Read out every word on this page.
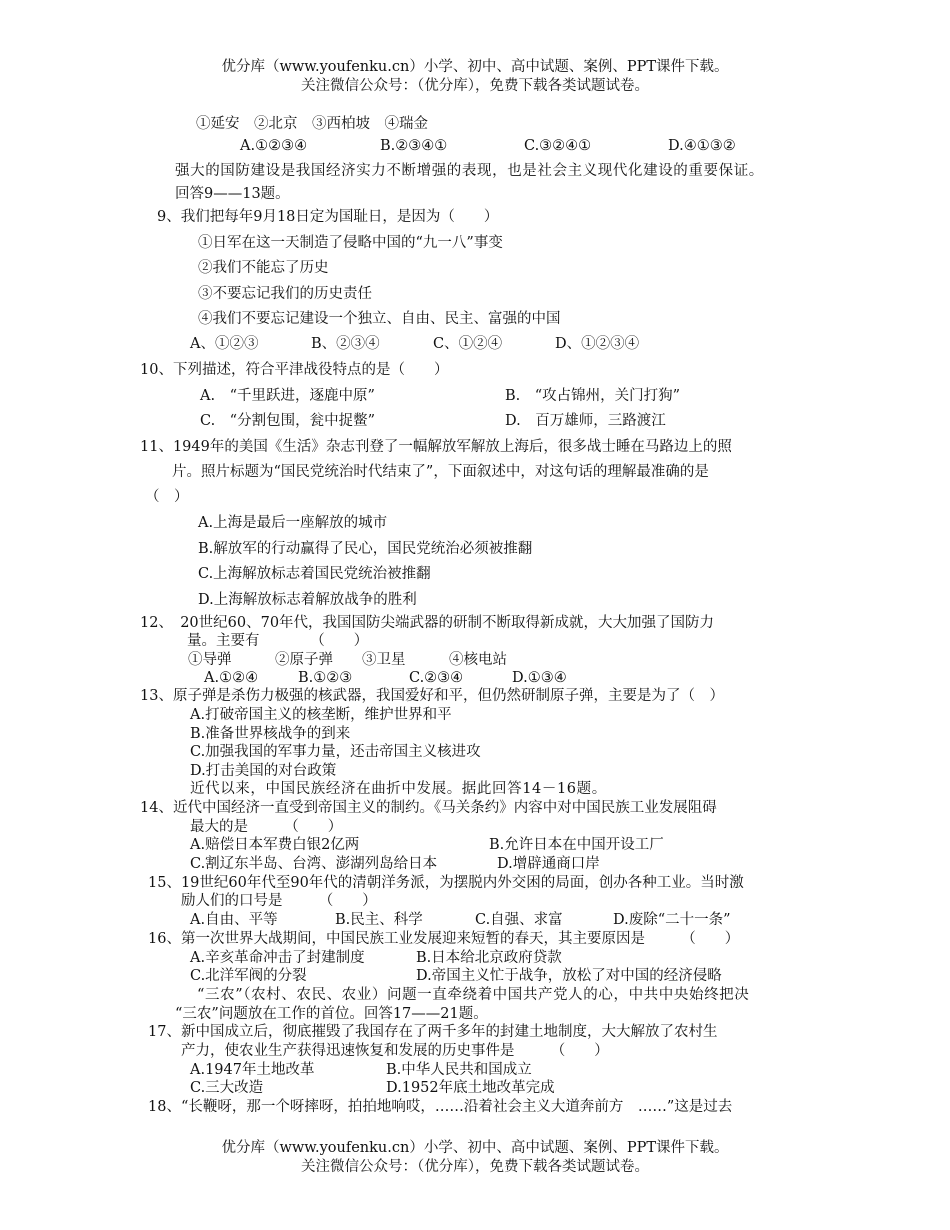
优分库（www.youfenku.cn）小学、初中、高中试题、案例、PPT课件下载。
关注微信公众号：（优分库），免费下载各类试题试卷。
①延安　②北京　③西柏坡　④瑞金
A.①②③④	B.②③④①	C.③②④①	D.④①③②
强大的国防建设是我国经济实力不断增强的表现，也是社会主义现代化建设的重要保证。
回答9——13题。
9、我们把每年9月18日定为国耻日，是因为（　　）
①日军在这一天制造了侵略中国的“九一八”事变
②我们不能忘了历史
③不要忘记我们的历史责任
④我们不要忘记建设一个独立、自由、民主、富强的中国
A、①②③	B、②③④	C、①②④	D、①②③④
10、下列描述，符合平津战役特点的是（　　）
A.　“千里跃进，逐鹿中原”	B.　“攻占锦州，关门打狗”
C.　“分割包围，瓮中捉鳖”	D.　百万雄师，三路渡江
11、1949年的美国《生活》杂志刊登了一幅解放军解放上海后，很多战士睡在马路边上的照
片。照片标题为“国民党统治时代结束了”，下面叙述中，对这句话的理解最准确的是
（　）
A.上海是最后一座解放的城市
B.解放军的行动赢得了民心，国民党统治必须被推翻
C.上海解放标志着国民党统治被推翻
D.上海解放标志着解放战争的胜利
12、　20世纪60、70年代，我国国防尖端武器的研制不断取得新成就，大大加强了国防力
量。主要有　　　　（　　）
①导弹　　　②原子弹　　③卫星　　　④核电站
A.①②④	B.①②③	C.②③④	D.①③④
13、原子弹是杀伤力极强的核武器，我国爱好和平，但仍然研制原子弹，主要是为了（　）
A.打破帝国主义的核垄断，维护世界和平
B.准备世界核战争的到来
C.加强我国的军事力量，还击帝国主义核进攻
D.打击美国的对台政策
近代以来，中国民族经济在曲折中发展。据此回答14－16题。
14、近代中国经济一直受到帝国主义的制约。《马关条约》内容中对中国民族工业发展阻碍
最大的是　　　（　　）
A.赔偿日本军费白银2亿两	B.允许日本在中国开设工厂
C.割辽东半岛、台湾、澎湖列岛给日本	D.增辟通商口岸
15、19世纪60年代至90年代的清朝洋务派，为摆脱内外交困的局面，创办各种工业。当时激
励人们的口号是　　　（　　）
A.自由、平等	B.民主、科学	C.自强、求富	D.废除“二十一条”
16、第一次世界大战期间，中国民族工业发展迎来短暂的春天，其主要原因是　　　（　　）
A.辛亥革命冲击了封建制度	B.日本给北京政府贷款
C.北洋军阀的分裂	D.帝国主义忙于战争，放松了对中国的经济侵略
“三农”（农村、农民、农业）问题一直牵绕着中国共产党人的心，中共中央始终把决
“三农”问题放在工作的首位。回答17——21题。
17、新中国成立后，彻底摧毁了我国存在了两千多年的封建土地制度，大大解放了农村生
产力，使农业生产获得迅速恢复和发展的历史事件是　　　（　　）
A.1947年土地改革	B.中华人民共和国成立
C.三大改造	D.1952年底土地改革完成
18、“长鞭呀，那一个呀摔呀，拍拍地响哎，……沿着社会主义大道奔前方　……”这是过去
优分库（www.youfenku.cn）小学、初中、高中试题、案例、PPT课件下载。
关注微信公众号：（优分库），免费下载各类试题试卷。
